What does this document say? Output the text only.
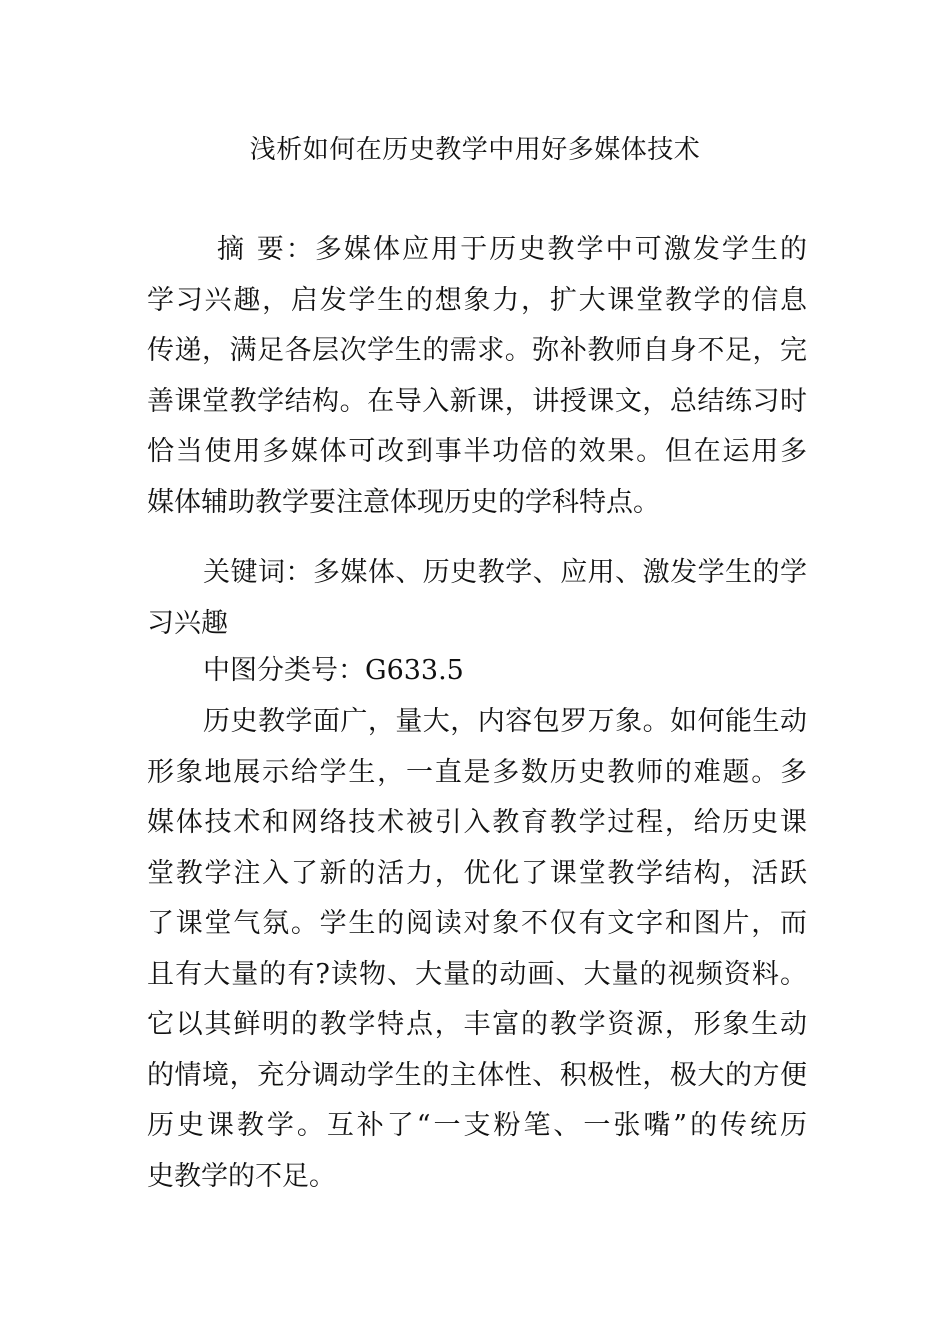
浅析如何在历史教学中用好多媒体技术
摘 要：多媒体应用于历史教学中可激发学生的
学习兴趣，启发学生的想象力，扩大课堂教学的信息
传递，满足各层次学生的需求。弥补教师自身不足，完
善课堂教学结构。在导入新课，讲授课文，总结练习时
恰当使用多媒体可改到事半功倍的效果。但在运用多
媒体辅助教学要注意体现历史的学科特点。
关键词：多媒体、历史教学、应用、激发学生的学
习兴趣
中图分类号：G633.5
历史教学面广，量大，内容包罗万象。如何能生动
形象地展示给学生，一直是多数历史教师的难题。多
媒体技术和网络技术被引入教育教学过程，给历史课
堂教学注入了新的活力，优化了课堂教学结构，活跃
了课堂气氛。学生的阅读对象不仅有文字和图片，而
且有大量的有?读物、大量的动画、大量的视频资料。
它以其鲜明的教学特点，丰富的教学资源，形象生动
的情境，充分调动学生的主体性、积极性，极大的方便
历史课教学。互补了“一支粉笔、一张嘴”的传统历
史教学的不足。
